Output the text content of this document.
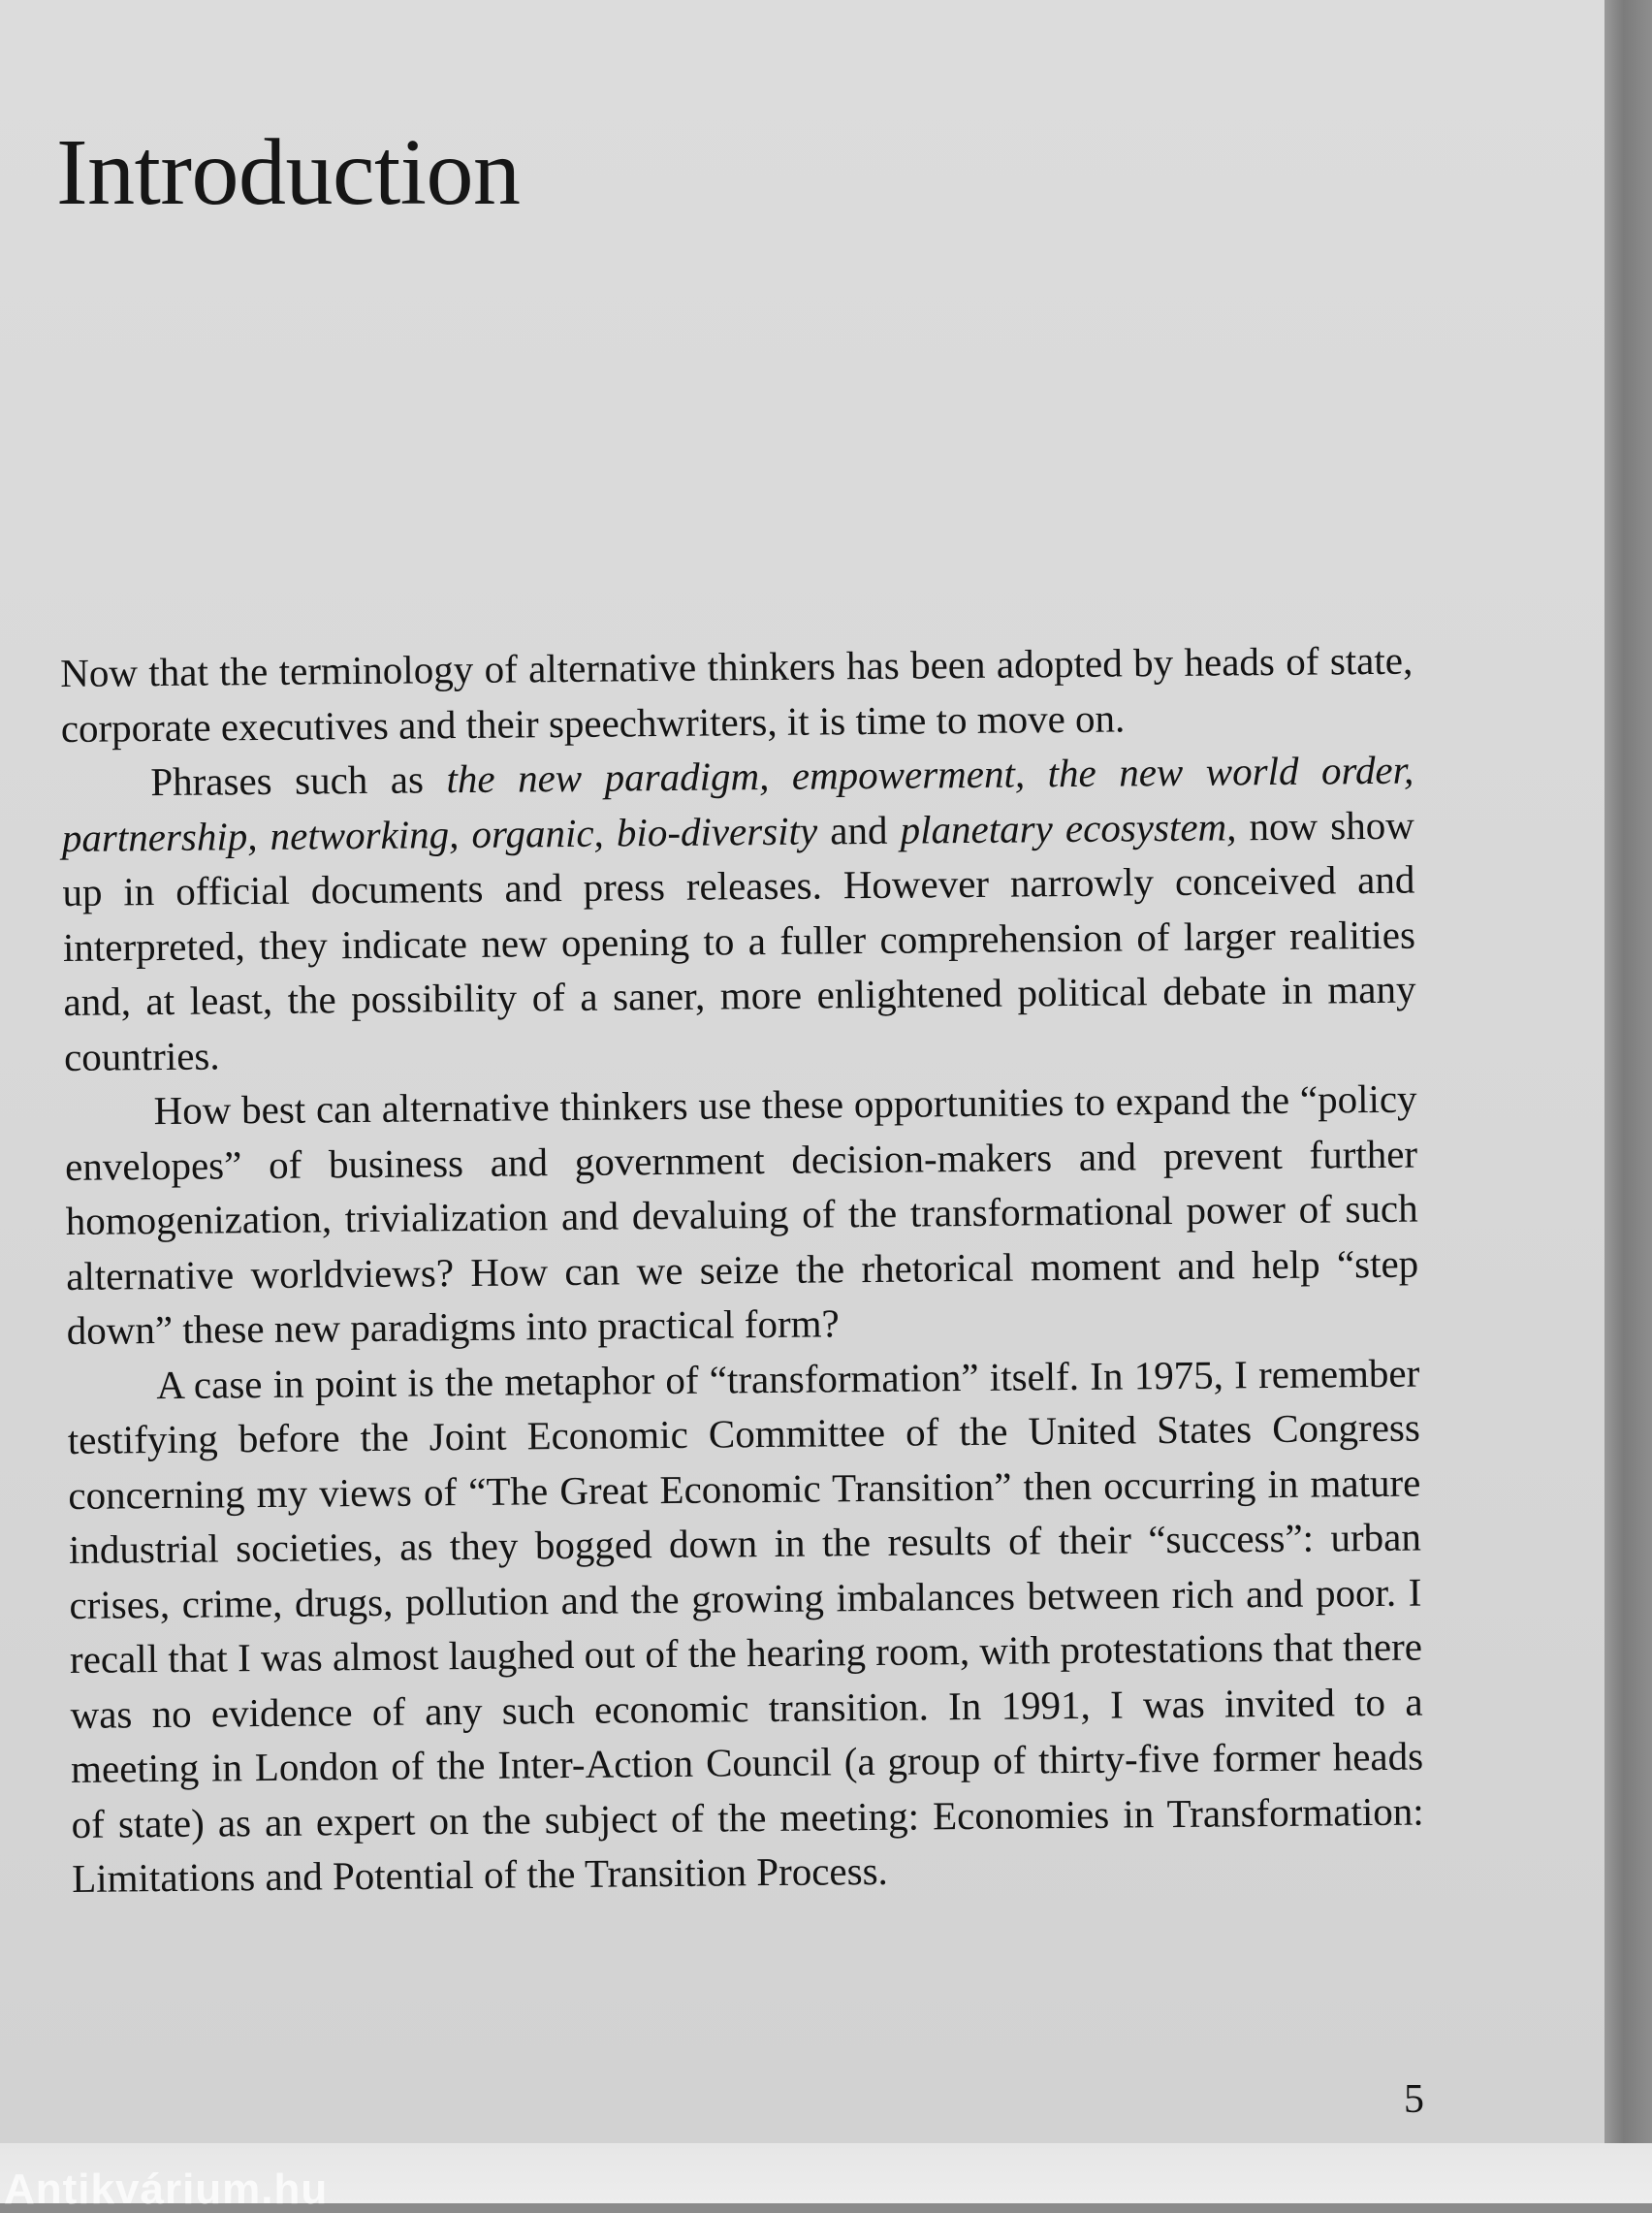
Introduction

Now that the terminology of alternative thinkers has been adopted by heads of state, corporate executives and their speechwriters, it is time to move on.

Phrases such as the new paradigm, empowerment, the new world order, partnership, networking, organic, bio-diversity and planetary ecosystem, now show up in official documents and press releases. However narrowly conceived and interpreted, they indicate new opening to a fuller comprehension of larger realities and, at least, the possibility of a saner, more enlightened political debate in many countries.

How best can alternative thinkers use these opportunities to expand the “policy envelopes” of business and government decision-makers and prevent further homogenization, trivialization and devaluing of the transformational power of such alternative worldviews? How can we seize the rhetorical moment and help “step down” these new paradigms into practical form?

A case in point is the metaphor of “transformation” itself. In 1975, I remember testifying before the Joint Economic Committee of the United States Congress concerning my views of “The Great Economic Transition” then occurring in mature industrial societies, as they bogged down in the results of their “success”: urban crises, crime, drugs, pollution and the growing imbalances between rich and poor. I recall that I was almost laughed out of the hearing room, with protestations that there was no evidence of any such economic transition. In 1991, I was invited to a meeting in London of the Inter-Action Council (a group of thirty-five former heads of state) as an expert on the subject of the meeting: Economies in Transformation: Limitations and Potential of the Transition Process.

5
Antikvárium.hu
